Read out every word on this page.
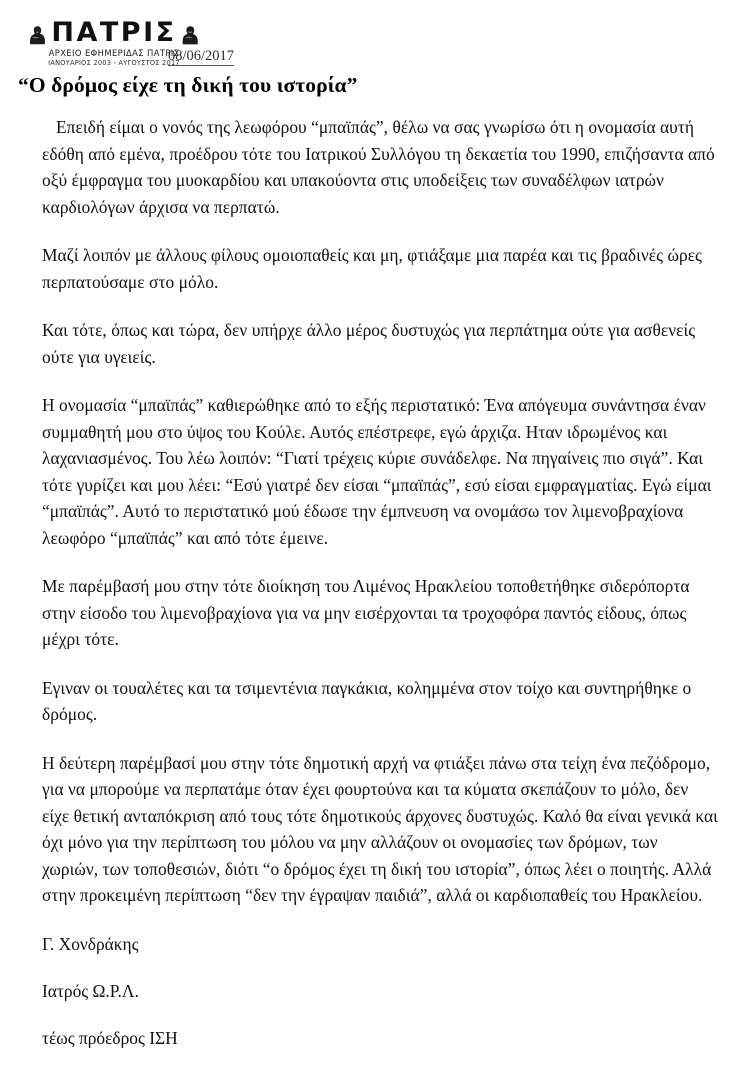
ΠΑΤΡΙΣ
ΑΡΧΕΙΟ ΕΦΗΜΕΡΙΔΑΣ ΠΑΤΡΙΣ
ΙΑΝΟΥΑΡΙΟΣ 2003 - ΑΥΓΟΥΣΤΟΣ 2017
08/06/2017
“Ο δρόμος είχε τη δική του ιστορία”

Επειδή είμαι ο νονός της λεωφόρου “μπαϊπάς”, θέλω να σας γνωρίσω ότι η ονομασία αυτή εδόθη από εμένα, προέδρου τότε του Ιατρικού Συλλόγου τη δεκαετία του 1990, επιζήσαντα από οξύ έμφραγμα του μυοκαρδίου και υπακούοντα στις υποδείξεις των συναδέλφων ιατρών καρδιολόγων άρχισα να περπατώ.

Μαζί λοιπόν με άλλους φίλους ομοιοπαθείς και μη, φτιάξαμε μια παρέα και τις βραδινές ώρες περπατούσαμε στο μόλο.

Και τότε, όπως και τώρα, δεν υπήρχε άλλο μέρος δυστυχώς για περπάτημα ούτε για ασθενείς ούτε για υγειείς.

Η ονομασία “μπαϊπάς” καθιερώθηκε από το εξής περιστατικό: Ένα απόγευμα συνάντησα έναν συμμαθητή μου στο ύψος του Κούλε. Αυτός επέστρεφε, εγώ άρχιζα. Ηταν ιδρωμένος και λαχανιασμένος. Του λέω λοιπόν: “Γιατί τρέχεις κύριε συνάδελφε. Να πηγαίνεις πιο σιγά”. Και τότε γυρίζει και μου λέει: “Εσύ γιατρέ δεν είσαι “μπαϊπάς”, εσύ είσαι εμφραγματίας. Εγώ είμαι “μπαϊπάς”. Αυτό το περιστατικό μού έδωσε την έμπνευση να ονομάσω τον λιμενοβραχίονα λεωφόρο “μπαϊπάς” και από τότε έμεινε.

Με παρέμβασή μου στην τότε διοίκηση του Λιμένος Ηρακλείου τοποθετήθηκε σιδερόπορτα στην είσοδο του λιμενοβραχίονα για να μην εισέρχονται τα τροχοφόρα παντός είδους, όπως μέχρι τότε.

Εγιναν οι τουαλέτες και τα τσιμεντένια παγκάκια, κολημμένα στον τοίχο και συντηρήθηκε ο δρόμος.

Η δεύτερη παρέμβασί μου στην τότε δημοτική αρχή να φτιάξει πάνω στα τείχη ένα πεζόδρομο, για να μπορούμε να περπατάμε όταν έχει φουρτούνα και τα κύματα σκεπάζουν το μόλο, δεν είχε θετική ανταπόκριση από τους τότε δημοτικούς άρχονες δυστυχώς. Καλό θα είναι γενικά και όχι μόνο για την περίπτωση του μόλου να μην αλλάζουν οι ονομασίες των δρόμων, των χωριών, των τοποθεσιών, διότι “ο δρόμος έχει τη δική του ιστορία”, όπως λέει ο ποιητής. Αλλά στην προκειμένη περίπτωση “δεν την έγραψαν παιδιά”, αλλά οι καρδιοπαθείς του Ηρακλείου.

Γ. Χονδράκης

Ιατρός Ω.Ρ.Λ.

τέως πρόεδρος ΙΣΗ
